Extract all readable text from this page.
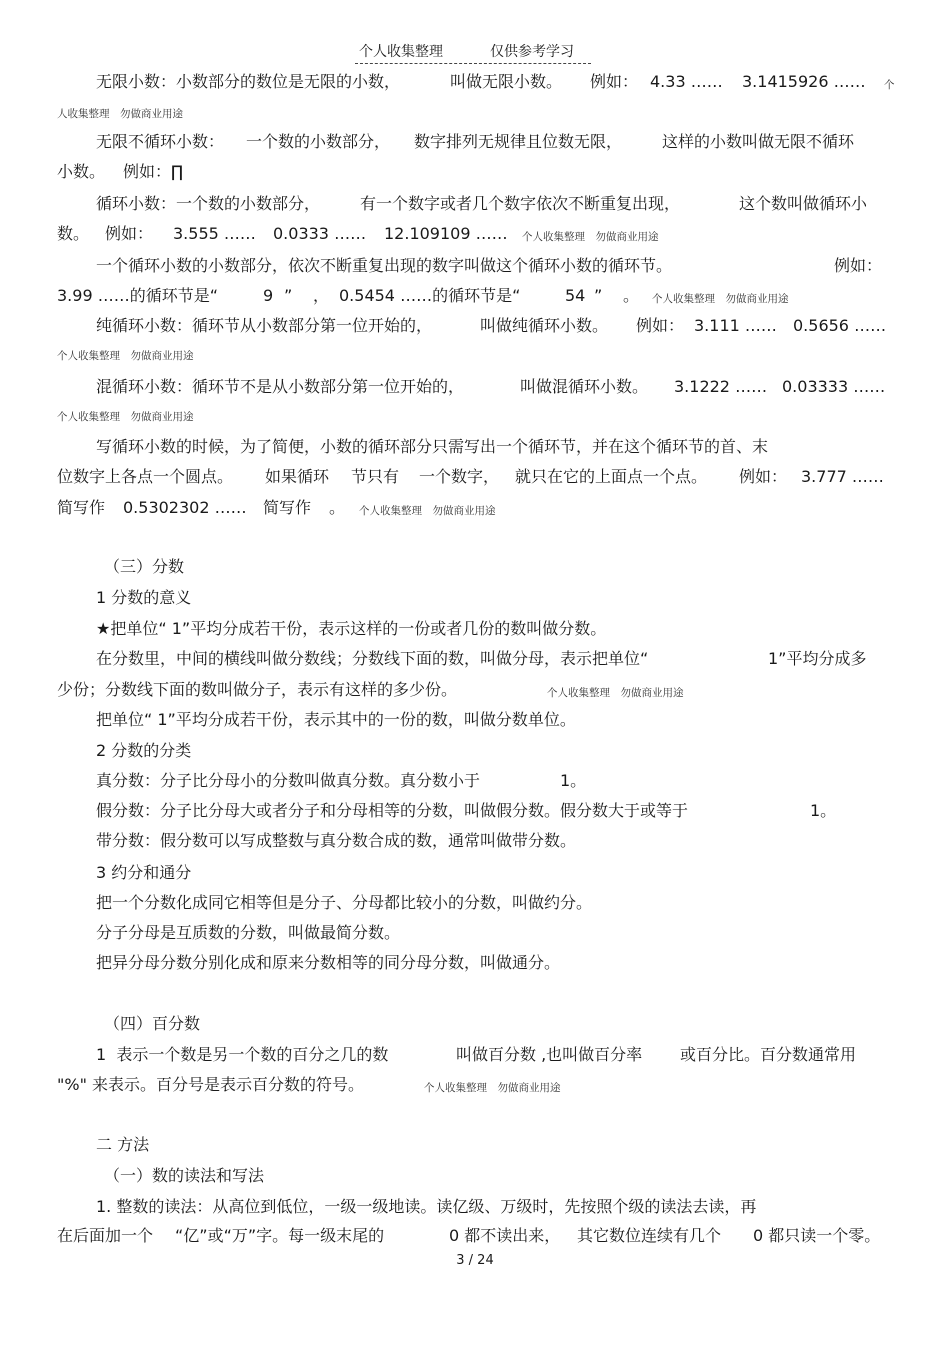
个人收集整理	仅供参考学习
无限小数：小数部分的数位是无限的小数，	叫做无限小数。 例如： 4.33 …… 3.1415926 …… 个
人收集整理　勿做商业用途
无限不循环小数： 一个数的小数部分， 数字排列无规律且位数无限， 这样的小数叫做无限不循环
小数。 例如：∏
循环小数：一个数的小数部分， 有一个数字或者几个数字依次不断重复出现，	这个数叫做循环小
数。 例如： 3.555 …… 0.0333 …… 12.109109 …… 个人收集整理　勿做商业用途
一个循环小数的小数部分，依次不断重复出现的数字叫做这个循环小数的循环节。	例如：
3.99 ……的循环节是“	9 ” ， 0.5454 ……的循环节是“	54 ” 。 个人收集整理　勿做商业用途
纯循环小数：循环节从小数部分第一位开始的，	叫做纯循环小数。 例如： 3.111 …… 0.5656 ……
个人收集整理　勿做商业用途
混循环小数：循环节不是从小数部分第一位开始的，	叫做混循环小数。 3.1222 …… 0.03333 ……
个人收集整理　勿做商业用途
写循环小数的时候，为了简便，小数的循环部分只需写出一个循环节，并在这个循环节的首、末
位数字上各点一个圆点。 如果循环 节只有 一个数字， 就只在它的上面点一个点。 例如： 3.777 ……
简写作 0.5302302 …… 简写作 。 个人收集整理　勿做商业用途
（三）分数
1 分数的意义
★把单位“ 1”平均分成若干份，表示这样的一份或者几份的数叫做分数。
在分数里，中间的横线叫做分数线；分数线下面的数，叫做分母，表示把单位“	1”平均分成多
少份；分数线下面的数叫做分子，表示有这样的多少份。	个人收集整理　勿做商业用途
把单位“ 1”平均分成若干份，表示其中的一份的数，叫做分数单位。
2 分数的分类
真分数：分子比分母小的分数叫做真分数。真分数小于	1。
假分数：分子比分母大或者分子和分母相等的分数，叫做假分数。假分数大于或等于	1。
带分数：假分数可以写成整数与真分数合成的数，通常叫做带分数。
3 约分和通分
把一个分数化成同它相等但是分子、分母都比较小的分数，叫做约分。
分子分母是互质数的分数，叫做最简分数。
把异分母分数分别化成和原来分数相等的同分母分数，叫做通分。
（四）百分数
1  表示一个数是另一个数的百分之几的数	叫做百分数 ,也叫做百分率 或百分比。百分数通常用
"%" 来表示。百分号是表示百分数的符号。	个人收集整理　勿做商业用途
二 方法
（一）数的读法和写法
1. 整数的读法：从高位到低位，一级一级地读。读亿级、万级时，先按照个级的读法去读，再
在后面加一个 “亿”或“万”字。每一级末尾的	0 都不读出来， 其它数位连续有几个 0 都只读一个零。
3 / 24
